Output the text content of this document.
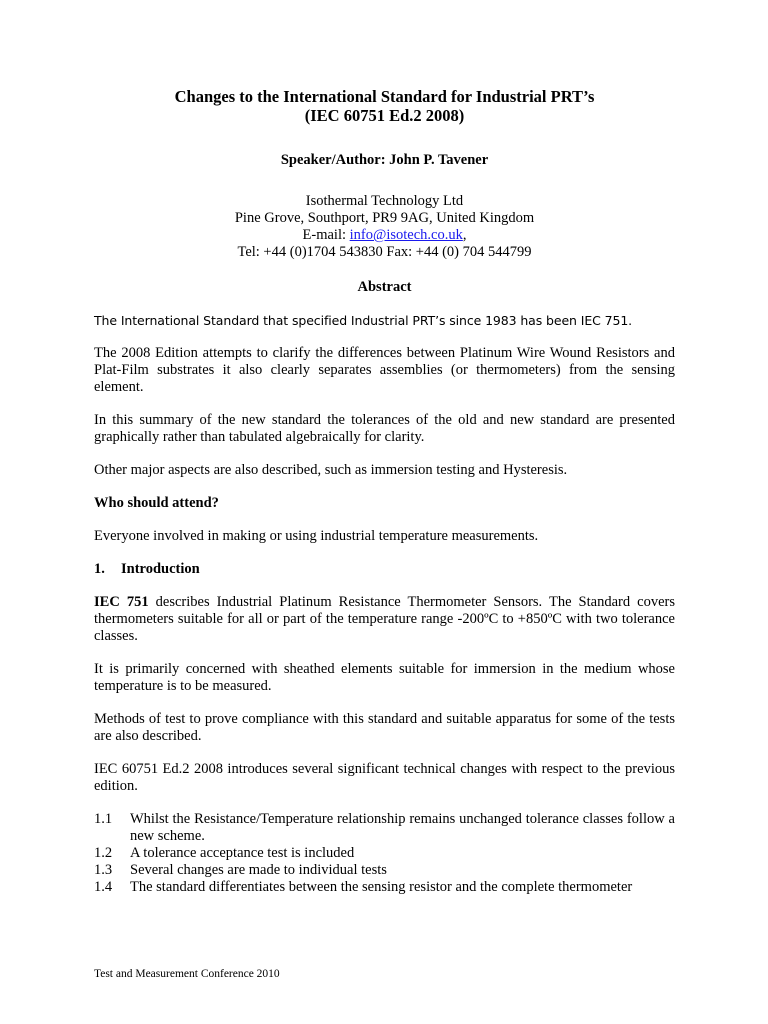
Changes to the International Standard for Industrial PRT’s
(IEC 60751 Ed.2 2008)
Speaker/Author: John P. Tavener
Isothermal Technology Ltd
Pine Grove, Southport, PR9 9AG, United Kingdom
E-mail: info@isotech.co.uk,
Tel: +44 (0)1704 543830 Fax: +44 (0) 704 544799
Abstract

The International Standard that specified Industrial PRT’s since 1983 has been IEC 751.

The 2008 Edition attempts to clarify the differences between Platinum Wire Wound Resistors and Plat-Film substrates it also clearly separates assemblies (or thermometers) from the sensing element.

In this summary of the new standard the tolerances of the old and new standard are presented graphically rather than tabulated algebraically for clarity.

Other major aspects are also described, such as immersion testing and Hysteresis.

Who should attend?

Everyone involved in making or using industrial temperature measurements.

1. Introduction

IEC 751 describes Industrial Platinum Resistance Thermometer Sensors. The Standard covers thermometers suitable for all or part of the temperature range -200ºC to +850ºC with two tolerance classes.

It is primarily concerned with sheathed elements suitable for immersion in the medium whose temperature is to be measured.

Methods of test to prove compliance with this standard and suitable apparatus for some of the tests are also described.

IEC 60751 Ed.2 2008 introduces several significant technical changes with respect to the previous edition.

1.1	Whilst the Resistance/Temperature relationship remains unchanged tolerance classes follow a new scheme.
1.2	A tolerance acceptance test is included
1.3	Several changes are made to individual tests
1.4	The standard differentiates between the sensing resistor and the complete thermometer
Test and Measurement Conference 2010
